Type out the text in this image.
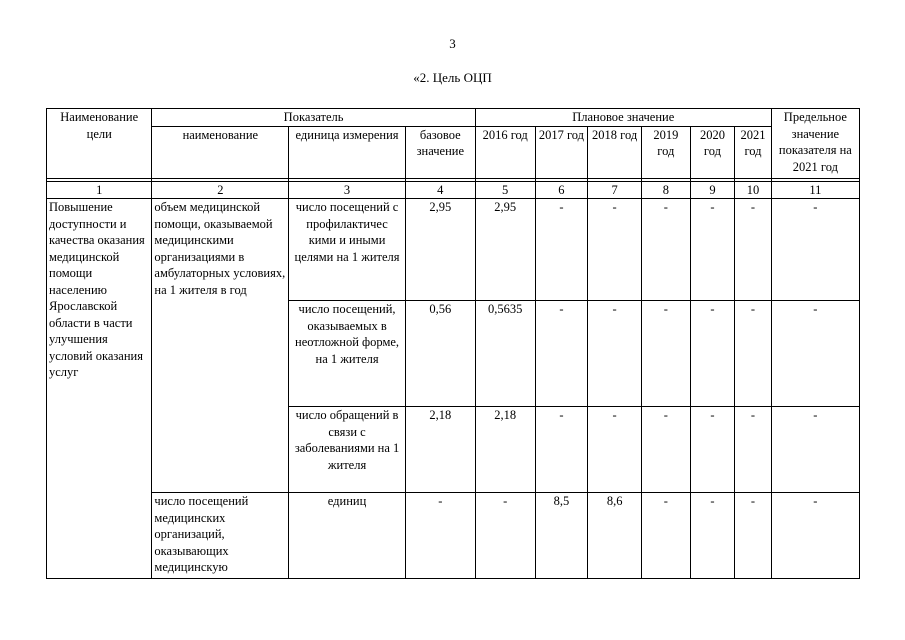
3
«2. Цель ОЦП
Наименование цели	Показатель			Плановое значение						Предельное значение показателя на 2021 год
	наименование	единица измерения	базовое значение	2016 год	2017 год	2018 год	2019 год	2020 год	2021 год	

1	2	3	4	5	6	7	8	9	10	11
Повышение доступности и качества оказания медицинской помощи населению Ярославской области в части улучшения условий оказания услуг	объем медицинской помощи, оказываемой медицинскими организациями в амбулаторных условиях, на 1 жителя в год	число посещений с профилактичес кими и иными целями на 1 жителя	2,95	2,95	-	-	-	-	-	-
		число посещений, оказываемых в неотложной форме, на 1 жителя	0,56	0,5635	-	-	-	-	-	-
		число обращений в связи с заболеваниями на 1 жителя	2,18	2,18	-	-	-	-	-	-
	число посещений медицинских организаций, оказывающих медицинскую	единиц	-	-	8,5	8,6	-	-	-	-
